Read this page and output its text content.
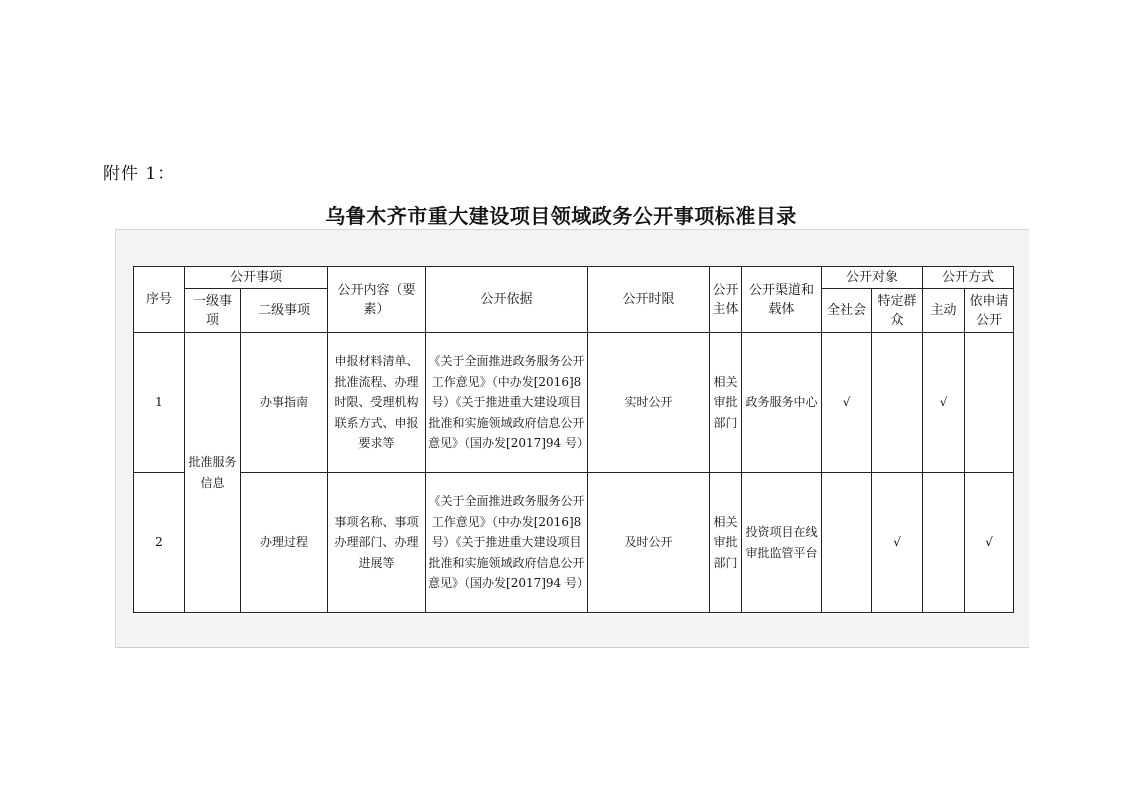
附件 1：
乌鲁木齐市重大建设项目领域政务公开事项标准目录
序号	公开事项		公开内容（要素）	公开依据	公开时限	公开主体	公开渠道和载体	公开对象		公开方式	
	一级事项	二级事项						全社会	特定群众	主动	依申请公开
1	批准服务信息	办事指南	申报材料清单、批准流程、办理时限、受理机构联系方式、申报要求等	《关于全面推进政务服务公开工作意见》（中办发[2016]8 号）《关于推进重大建设项目批准和实施领域政府信息公开意见》（国办发[2017]94 号）	实时公开	相关审批部门	政务服务中心	√		√	
2		办理过程	事项名称、事项办理部门、办理进展等	《关于全面推进政务服务公开工作意见》（中办发[2016]8 号）《关于推进重大建设项目批准和实施领域政府信息公开意见》（国办发[2017]94 号）	及时公开	相关审批部门	投资项目在线审批监管平台		√		√
